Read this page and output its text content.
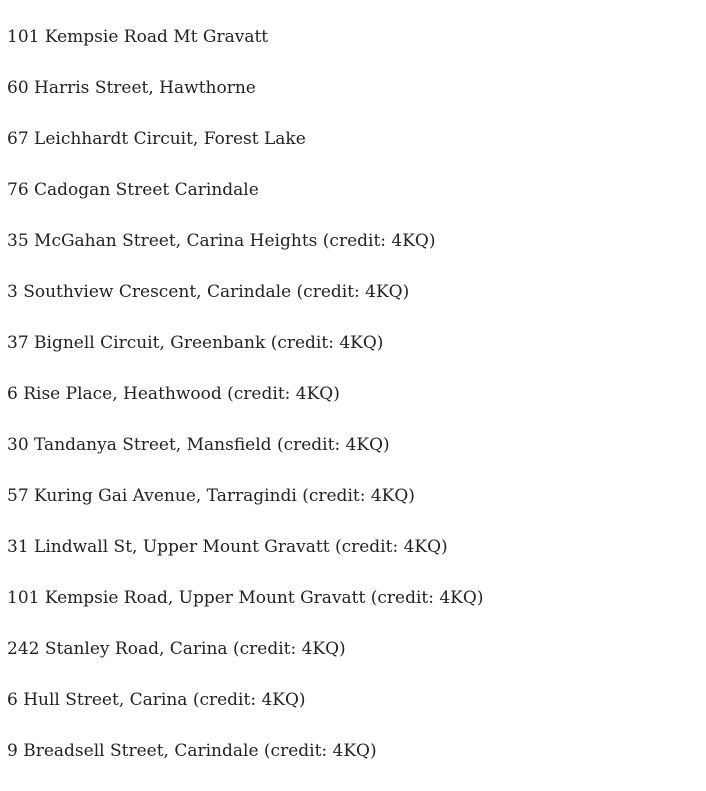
101 Kempsie Road Mt Gravatt
60 Harris Street, Hawthorne
67 Leichhardt Circuit, Forest Lake
76 Cadogan Street Carindale
35 McGahan Street, Carina Heights (credit: 4KQ)
3 Southview Crescent, Carindale (credit: 4KQ)
37 Bignell Circuit, Greenbank (credit: 4KQ)
6 Rise Place, Heathwood (credit: 4KQ)
30 Tandanya Street, Mansfield (credit: 4KQ)
57 Kuring Gai Avenue, Tarragindi (credit: 4KQ)
31 Lindwall St, Upper Mount Gravatt (credit: 4KQ)
101 Kempsie Road, Upper Mount Gravatt (credit: 4KQ)
242 Stanley Road, Carina (credit: 4KQ)
6 Hull Street, Carina (credit: 4KQ)
9 Breadsell Street, Carindale (credit: 4KQ)
